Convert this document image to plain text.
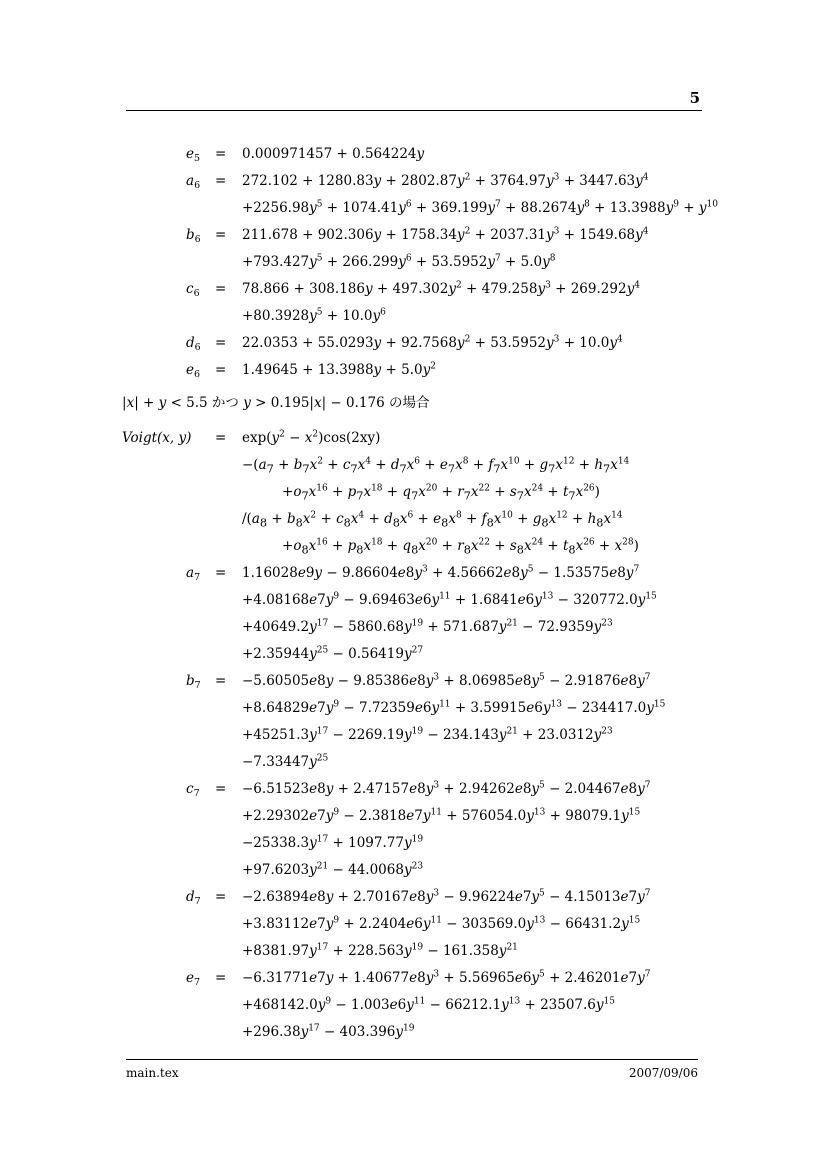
5
$e_5 = 0.000971457 + 0.564224y$
$a_6 = 272.102 + 1280.83y + 2802.87y^2 + 3764.97y^3 + 3447.63y^4$
$+2256.98y^5 + 1074.41y^6 + 369.199y^7 + 88.2674y^8 + 13.3988y^9 + y^{10}$
$b_6 = 211.678 + 902.306y + 1758.34y^2 + 2037.31y^3 + 1549.68y^4$
$+793.427y^5 + 266.299y^6 + 53.5952y^7 + 5.0y^8$
$c_6 = 78.866 + 308.186y + 497.302y^2 + 479.258y^3 + 269.292y^4$
$+80.3928y^5 + 10.0y^6$
$d_6 = 22.0353 + 55.0293y + 92.7568y^2 + 53.5952y^3 + 10.0y^4$
$e_6 = 1.49645 + 13.3988y + 5.0y^2$
|x| + y < 5.5 かつ y > 0.195|x| − 0.176 の場合
Voigt(x, $y) = \exp(y^2 - x^2)\cos(2xy)$
$-(a_7 + b_7x^2 + c_7x^4 + d_7x^6 + e_7x^8 + f_7x^{10} + g_7x^{12} + h_7x^{14}$
$+o_7x^{16} + p_7x^{18} + q_7x^{20} + r_7x^{22} + s_7x^{24} + t_7x^{26}$)
$/(a_8 + b_8x^2 + c_8x^4 + d_8x^6 + e_8x^8 + f_8x^{10} + g_8x^{12} + h_8x^{14}$
$+o_8x^{16} + p_8x^{18} + q_8x^{20} + r_8x^{22} + s_8x^{24} + t_8x^{26} + x^{28}$)
$a_7 = 1.16028e9y - 9.86604e8y^3 + 4.56662e8y^5 - 1.53575e8y^7$
$+4.08168e7y^9 - 9.69463e6y^{11} + 1.6841e6y^{13} - 320772.0y^{15}$
$+40649.2y^{17} - 5860.68y^{19} + 571.687y^{21} - 72.9359y^{23}$
$+2.35944y^{25} - 0.56419y^{27}$
$b_7 = -5.60505e8y - 9.85386e8y^3 + 8.06985e8y^5 - 2.91876e8y^7$
$+8.64829e7y^9 - 7.72359e6y^{11} + 3.59915e6y^{13} - 234417.0y^{15}$
$+45251.3y^{17} - 2269.19y^{19} - 234.143y^{21} + 23.0312y^{23}$
$-7.33447y^{25}$
$c_7 = -6.51523e8y + 2.47157e8y^3 + 2.94262e8y^5 - 2.04467e8y^7$
$+2.29302e7y^9 - 2.3818e7y^{11} + 576054.0y^{13} + 98079.1y^{15}$
$-25338.3y^{17} + 1097.77y^{19}$
$+97.6203y^{21} - 44.0068y^{23}$
$d_7 = -2.63894e8y + 2.70167e8y^3 - 9.96224e7y^5 - 4.15013e7y^7$
$+3.83112e7y^9 + 2.2404e6y^{11} - 303569.0y^{13} - 66431.2y^{15}$
$+8381.97y^{17} + 228.563y^{19} - 161.358y^{21}$
$e_7 = -6.31771e7y + 1.40677e8y^3 + 5.56965e6y^5 + 2.46201e7y^7$
$+468142.0y^9 - 1.003e6y^{11} - 66212.1y^{13} + 23507.6y^{15}$
$+296.38y^{17} - 403.396y^{19}$
main.tex	2007/09/06
